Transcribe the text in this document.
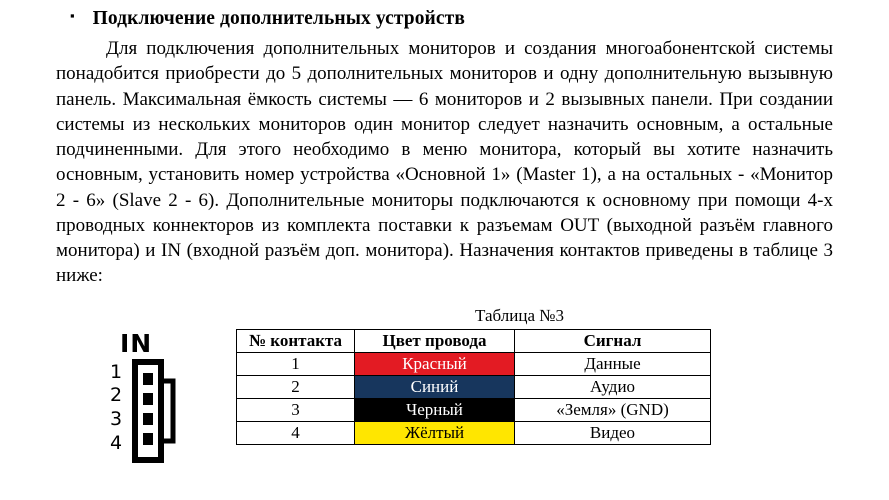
▪ Подключение дополнительных устройств

Для подключения дополнительных мониторов и создания многоабонентской системы понадобится приобрести до 5 дополнительных мониторов и одну дополнительную вызывную панель. Максимальная ёмкость системы — 6 мониторов и 2 вызывных панели. При создании системы из нескольких мониторов один монитор следует назначить основным, а остальные подчиненными. Для этого необходимо в меню монитора, который вы хотите назначить основным, установить номер устройства «Основной 1» (Master 1), а на остальных - «Монитор 2 - 6» (Slave 2 - 6). Дополнительные мониторы подключаются к основному при помощи 4-х проводных коннекторов из комплекта поставки к разъемам OUT (выходной разъём главного монитора) и IN (входной разъём доп. монитора). Назначения контактов приведены в таблице 3 ниже:

Таблица №3
IN
1
2
3
4
№ контакта	Цвет провода	Сигнал
1	Красный	Данные
2	Синий	Аудио
3	Черный	«Земля» (GND)
4	Жёлтый	Видео
